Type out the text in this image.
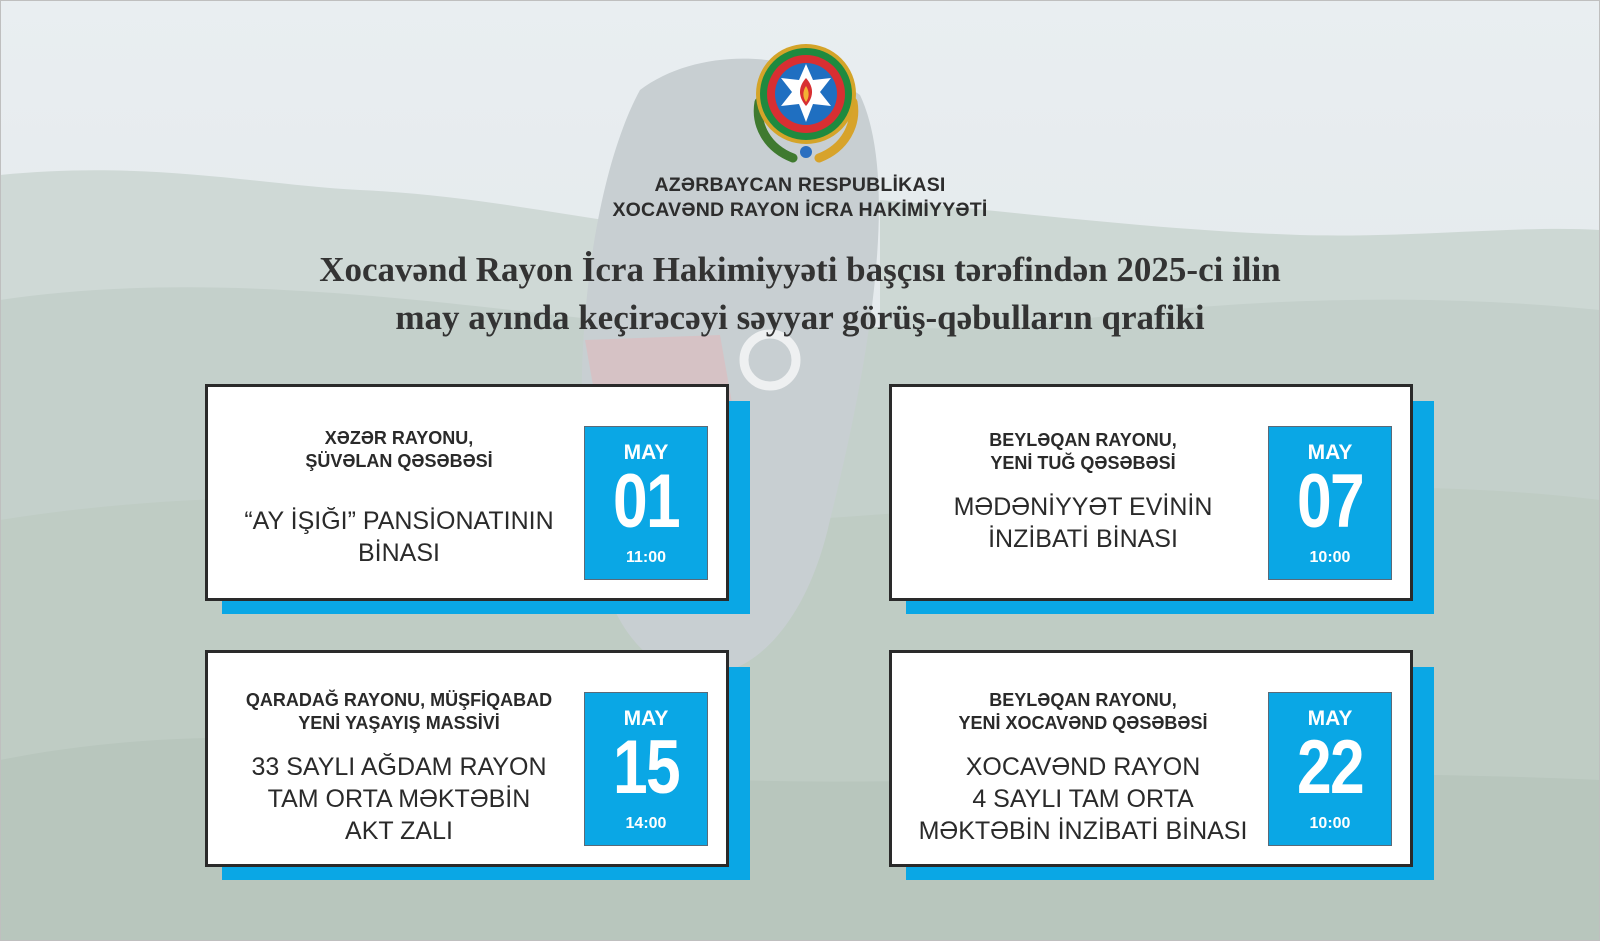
AZƏRBAYCAN RESPUBLİKASI
XOCAVƏND RAYON İCRA HAKİMİYYƏTİ
Xocavənd Rayon İcra Hakimiyyəti başçısı tərəfindən 2025-ci ilin
may ayında keçirəcəyi səyyar görüş-qəbulların qrafiki
XƏZƏR RAYONU,
ŞÜVƏLAN QƏSƏBƏSİ
“AY İŞIĞI” PANSİONATININ
BİNASI
MAY
01
11:00
BEYLƏQAN RAYONU,
YENİ TUĞ QƏSƏBƏSİ
MƏDƏNİYYƏT EVİNİN
İNZİBATİ BİNASI
MAY
07
10:00
QARADAĞ RAYONU, MÜŞFİQABAD
YENİ YAŞAYIŞ MASSİVİ
33 SAYLI AĞDAM RAYON
TAM ORTA MƏKTƏBİN
AKT ZALI
MAY
15
14:00
BEYLƏQAN RAYONU,
YENİ XOCAVƏND QƏSƏBƏSİ
XOCAVƏND RAYON
4 SAYLI TAM ORTA
MƏKTƏBİN İNZİBATİ BİNASI
MAY
22
10:00
